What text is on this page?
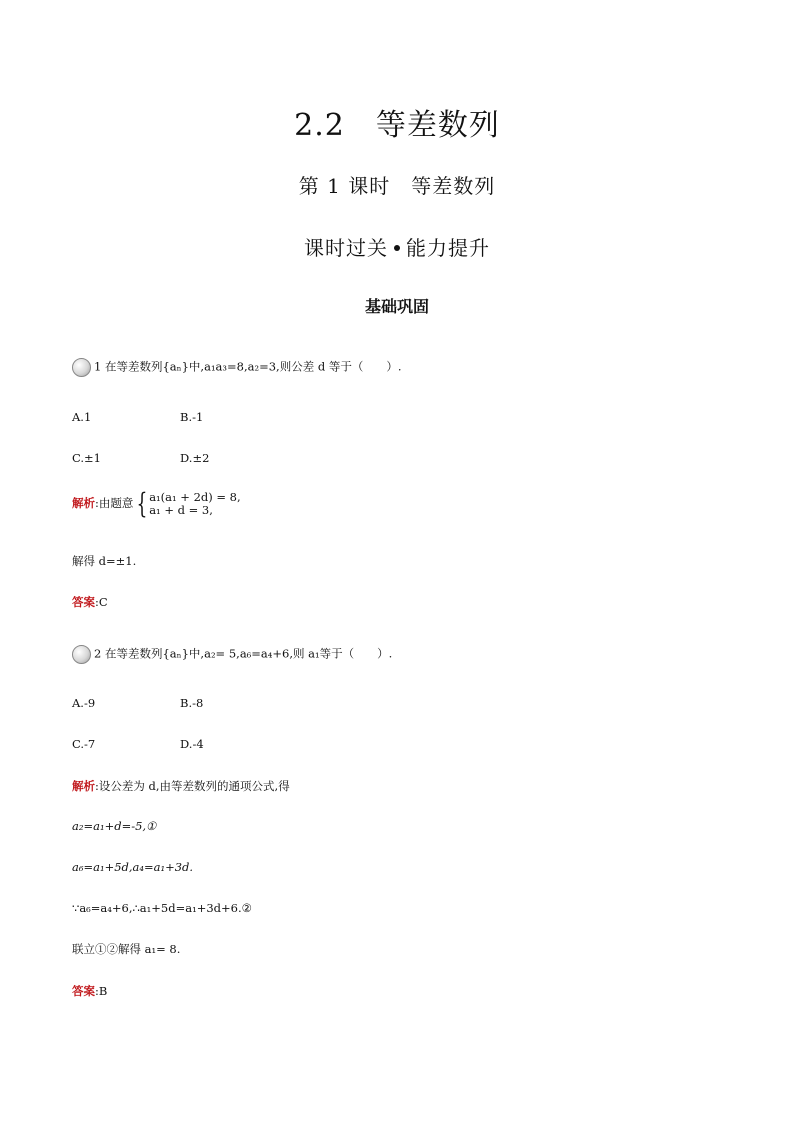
2.2　等差数列
第 1 课时　等差数列
课时过关 能力提升
基础巩固
1 在等差数列{aₙ}中,a₁a₃=8,a₂=3,则公差 d 等于（　　）.
A.1	B.-1
C.±1	D.±2
解析:由题意 { a₁(a₁ + 2d) = 8,
a₁ + d = 3,
解得 d=±1.
答案:C
2 在等差数列{aₙ}中,a₂= 5,a₆=a₄+6,则 a₁等于（　　）.
A.-9	B.-8
C.-7	D.-4
解析:设公差为 d,由等差数列的通项公式,得
a₂=a₁+d=-5,①
a₆=a₁+5d,a₄=a₁+3d.
∵a₆=a₄+6,∴a₁+5d=a₁+3d+6.②
联立①②解得 a₁= 8.
答案:B
